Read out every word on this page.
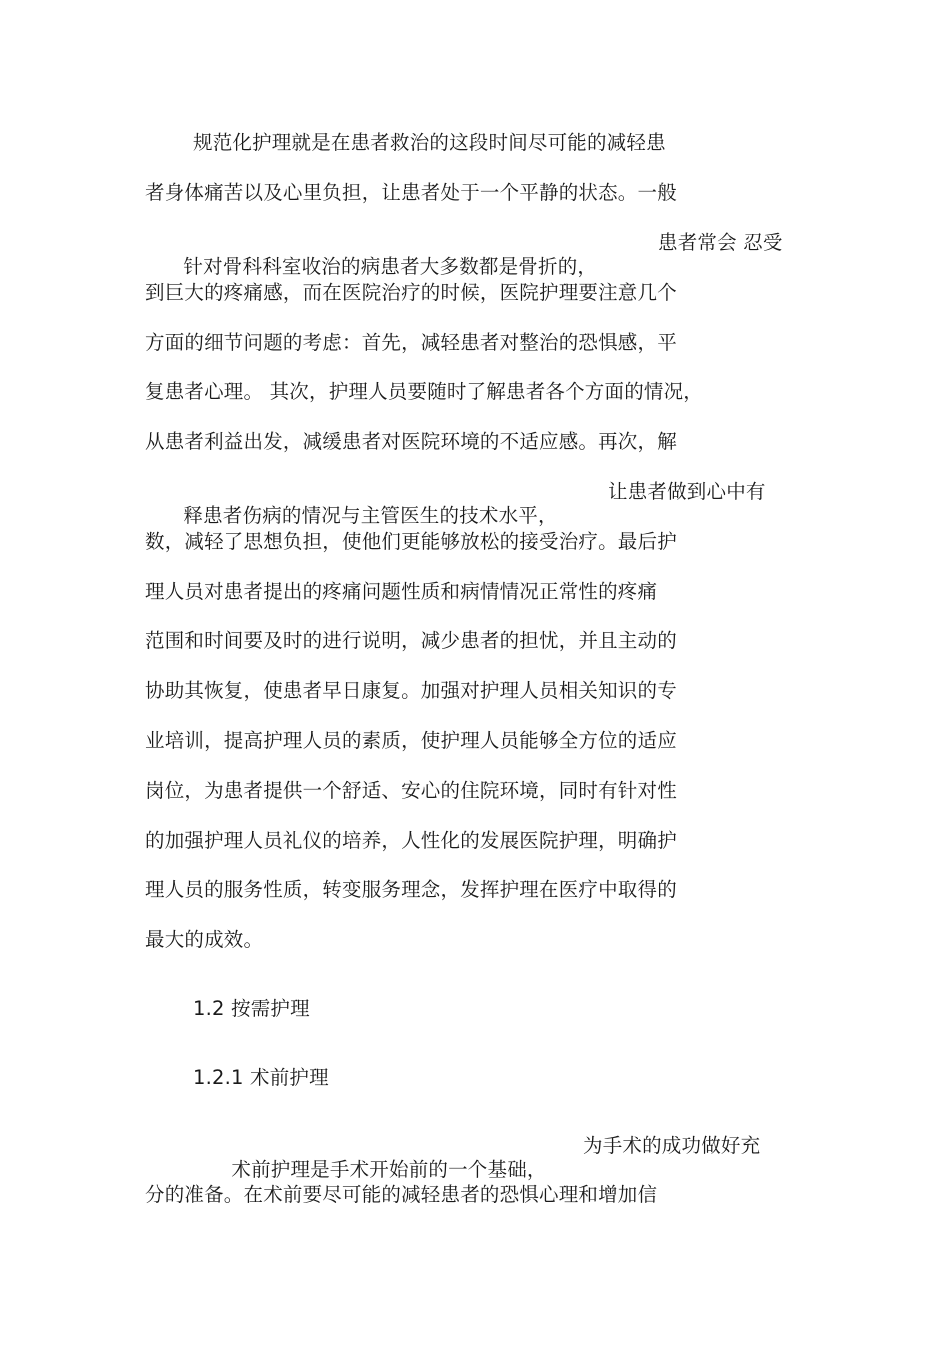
规范化护理就是在患者救治的这段时间尽可能的减轻患
者身体痛苦以及心里负担，让患者处于一个平静的状态。一般

针对骨科科室收治的病患者大多数都是骨折的，

患者常会 忍受

到巨大的疼痛感，而在医院治疗的时候，医院护理要注意几个
方面的细节问题的考虑：首先，减轻患者对整治的恐惧感，平
复患者心理。 其次，护理人员要随时了解患者各个方面的情况，
从患者利益出发，减缓患者对医院环境的不适应感。再次，解

释患者伤病的情况与主管医生的技术水平，

让患者做到心中有

数，减轻了思想负担，使他们更能够放松的接受治疗。最后护
理人员对患者提出的疼痛问题性质和病情情况正常性的疼痛
范围和时间要及时的进行说明，减少患者的担忧，并且主动的
协助其恢复，使患者早日康复。加强对护理人员相关知识的专
业培训，提高护理人员的素质，使护理人员能够全方位的适应
岗位，为患者提供一个舒适、安心的住院环境，同时有针对性
的加强护理人员礼仪的培养，人性化的发展医院护理，明确护
理人员的服务性质，转变服务理念，发挥护理在医疗中取得的
最大的成效。
1.2 按需护理
1.2.1 术前护理

术前护理是手术开始前的一个基础，

为手术的成功做好充

分的准备。在术前要尽可能的减轻患者的恐惧心理和增加信
